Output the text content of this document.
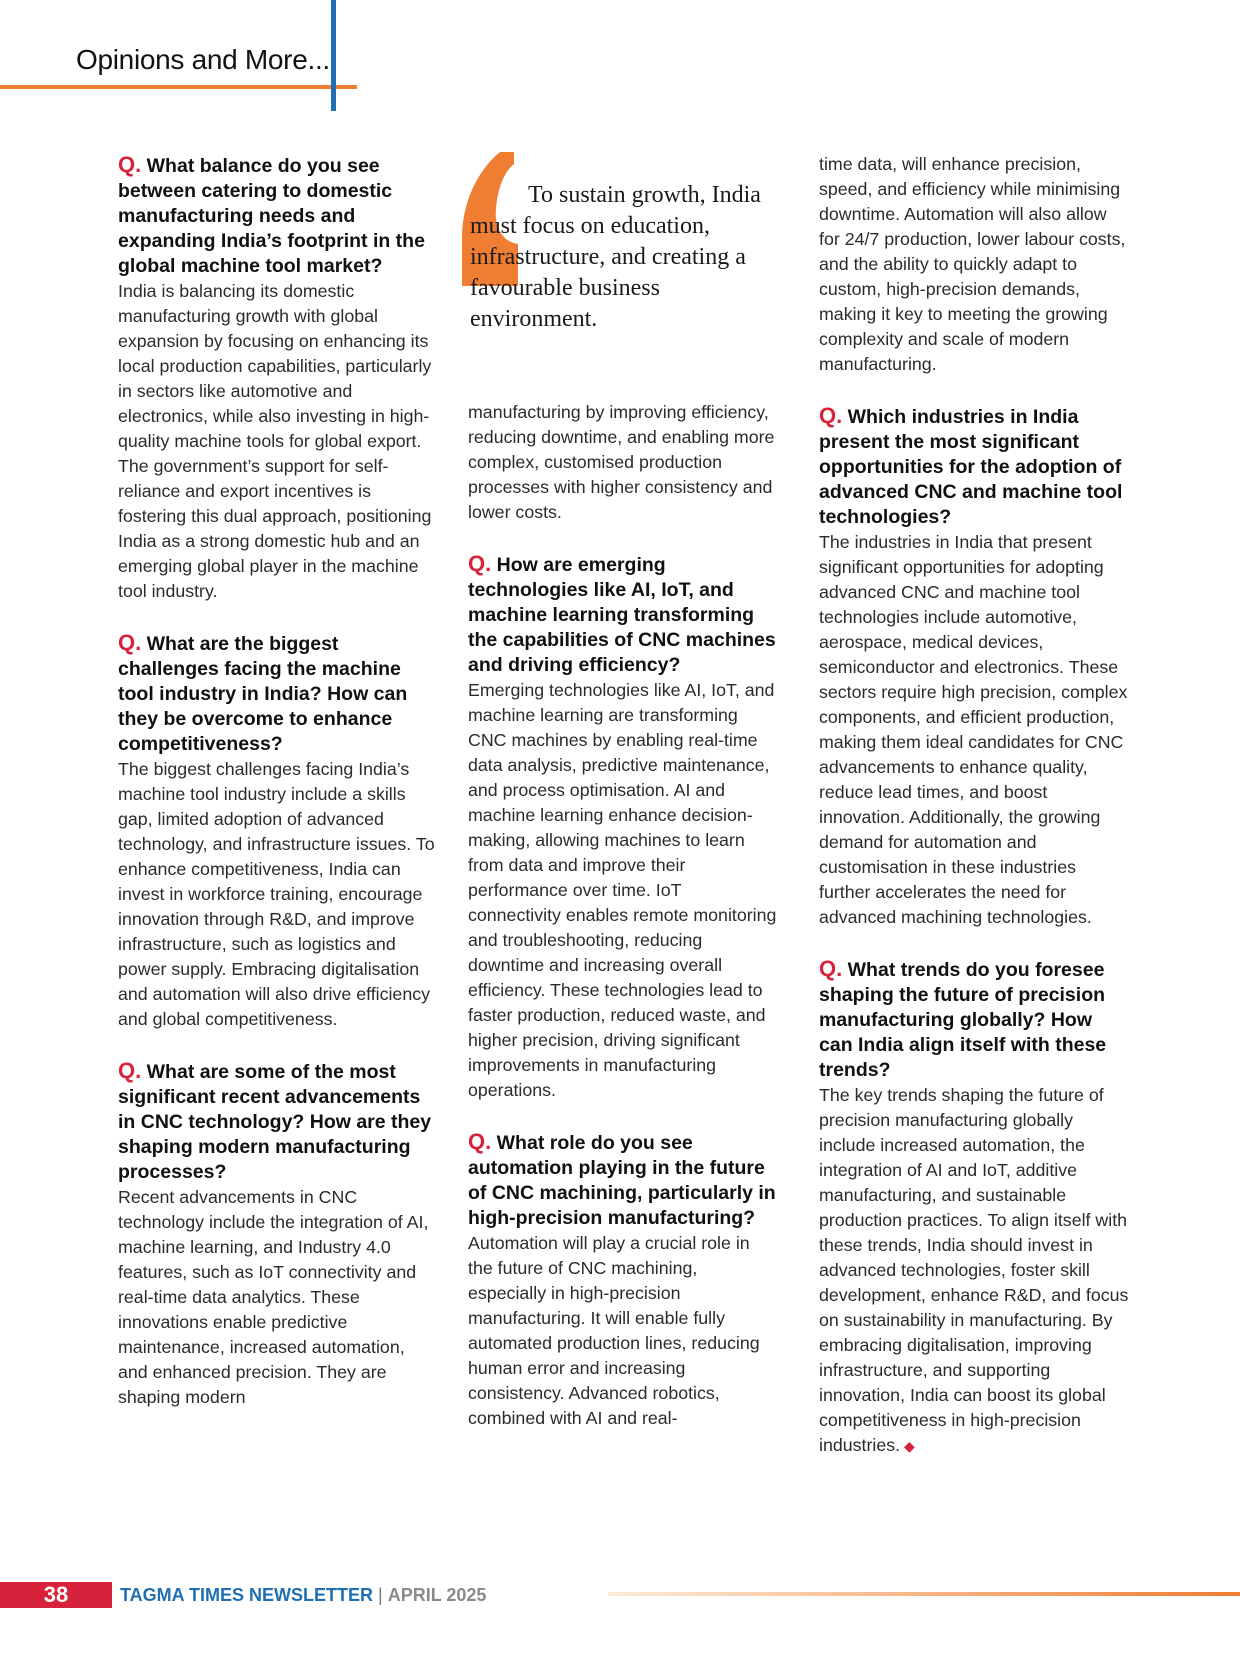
Opinions and More...
Q. What balance do you see between catering to domestic manufacturing needs and expanding India’s footprint in the global machine tool market?
India is balancing its domestic manufacturing growth with global expansion by focusing on enhancing its local production capabilities, particularly in sectors like automotive and electronics, while also investing in high-quality machine tools for global export. The government’s support for self-reliance and export incentives is fostering this dual approach, positioning India as a strong domestic hub and an emerging global player in the machine tool industry.
Q. What are the biggest challenges facing the machine tool industry in India? How can they be overcome to enhance competitiveness?
The biggest challenges facing India’s machine tool industry include a skills gap, limited adoption of advanced technology, and infrastructure issues. To enhance competitiveness, India can invest in workforce training, encourage innovation through R&D, and improve infrastructure, such as logistics and power supply. Embracing digitalisation and automation will also drive efficiency and global competitiveness.
Q. What are some of the most significant recent advancements in CNC technology? How are they shaping modern manufacturing processes?
Recent advancements in CNC technology include the integration of AI, machine learning, and Industry 4.0 features, such as IoT connectivity and real-time data analytics. These innovations enable predictive maintenance, increased automation, and enhanced precision. They are shaping modern
To sustain growth, India must focus on education, infrastructure, and creating a favourable business environment.
manufacturing by improving efficiency, reducing downtime, and enabling more complex, customised production processes with higher consistency and lower costs.
Q. How are emerging technologies like AI, IoT, and machine learning transforming the capabilities of CNC machines and driving efficiency?
Emerging technologies like AI, IoT, and machine learning are transforming CNC machines by enabling real-time data analysis, predictive maintenance, and process optimisation. AI and machine learning enhance decision-making, allowing machines to learn from data and improve their performance over time. IoT connectivity enables remote monitoring and troubleshooting, reducing downtime and increasing overall efficiency. These technologies lead to faster production, reduced waste, and higher precision, driving significant improvements in manufacturing operations.
Q. What role do you see automation playing in the future of CNC machining, particularly in high-precision manufacturing?
Automation will play a crucial role in the future of CNC machining, especially in high-precision manufacturing. It will enable fully automated production lines, reducing human error and increasing consistency. Advanced robotics, combined with AI and real-
time data, will enhance precision, speed, and efficiency while minimising downtime. Automation will also allow for 24/7 production, lower labour costs, and the ability to quickly adapt to custom, high-precision demands, making it key to meeting the growing complexity and scale of modern manufacturing.
Q. Which industries in India present the most significant opportunities for the adoption of advanced CNC and machine tool technologies?
The industries in India that present significant opportunities for adopting advanced CNC and machine tool technologies include automotive, aerospace, medical devices, semiconductor and electronics. These sectors require high precision, complex components, and efficient production, making them ideal candidates for CNC advancements to enhance quality, reduce lead times, and boost innovation. Additionally, the growing demand for automation and customisation in these industries further accelerates the need for advanced machining technologies.
Q. What trends do you foresee shaping the future of precision manufacturing globally? How can India align itself with these trends?
The key trends shaping the future of precision manufacturing globally include increased automation, the integration of AI and IoT, additive manufacturing, and sustainable production practices. To align itself with these trends, India should invest in advanced technologies, foster skill development, enhance R&D, and focus on sustainability in manufacturing. By embracing digitalisation, improving infrastructure, and supporting innovation, India can boost its global competitiveness in high-precision industries. ◆
38	TAGMA TIMES NEWSLETTER | APRIL 2025
